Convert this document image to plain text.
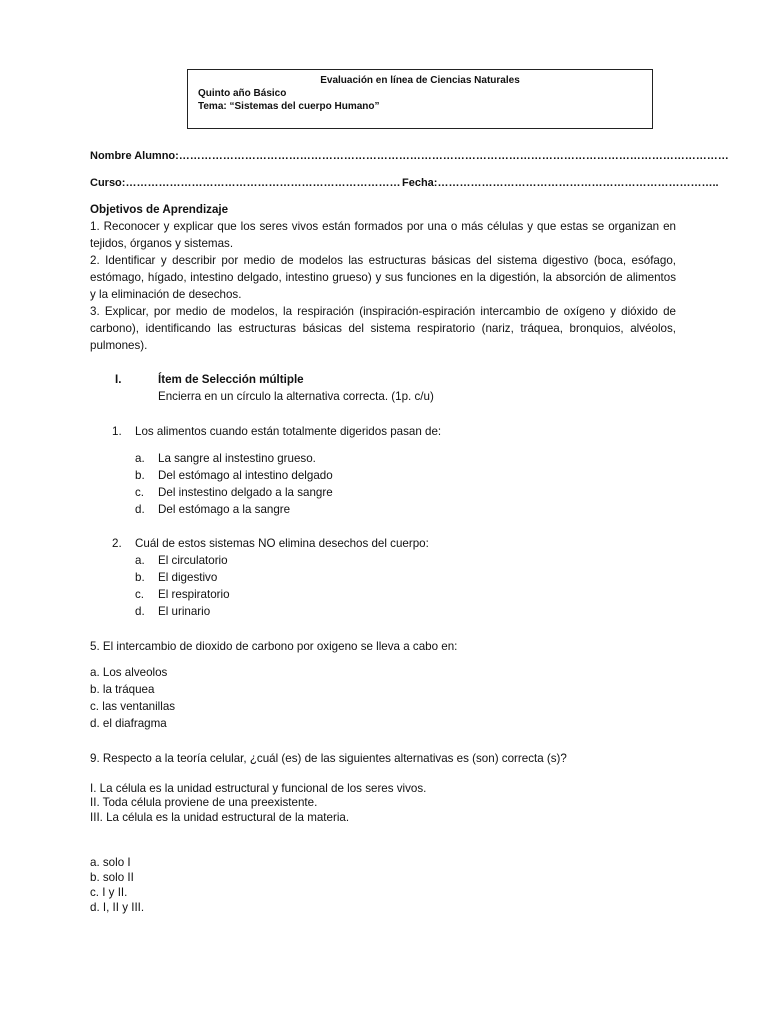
Evaluación en línea de Ciencias Naturales
Quinto año Básico
Tema: “Sistemas del cuerpo Humano”
Nombre Alumno:……………………………………………………………………………………………………………………………………
Curso:………………………………………………………………… Fecha:…………………………………………………………………..
Objetivos de Aprendizaje
1. Reconocer y explicar que los seres vivos están formados por una o más células y que estas se organizan en tejidos, órganos y sistemas.
2. Identificar y describir por medio de modelos las estructuras básicas del sistema digestivo (boca, esófago, estómago, hígado, intestino delgado, intestino grueso) y sus funciones en la digestión, la absorción de alimentos y la eliminación de desechos.
3. Explicar, por medio de modelos, la respiración (inspiración-espiración intercambio de oxígeno y dióxido de carbono), identificando las estructuras básicas del sistema respiratorio (nariz, tráquea, bronquios, alvéolos, pulmones).
I.	Ítem de Selección múltiple
Encierra en un círculo la alternativa correcta. (1p. c/u)
1. Los alimentos cuando están totalmente digeridos pasan de:
a. La sangre al instestino grueso.
b. Del estómago al intestino delgado
c. Del instestino delgado a la sangre
d. Del estómago a la sangre
2. Cuál de estos sistemas NO elimina desechos del cuerpo:
a. El circulatorio
b. El digestivo
c. El respiratorio
d. El urinario
5. El intercambio de dioxido de carbono por oxigeno se lleva a cabo en:
a. Los alveolos
b. la tráquea
c. las ventanillas
d. el diafragma
9. Respecto a la teoría celular, ¿cuál (es) de las siguientes alternativas es (son) correcta (s)?
I. La célula es la unidad estructural y funcional de los seres vivos.
II. Toda célula proviene de una preexistente.
III. La célula es la unidad estructural de la materia.
a. solo I
b. solo II
c. I y II.
d. I, II y III.
